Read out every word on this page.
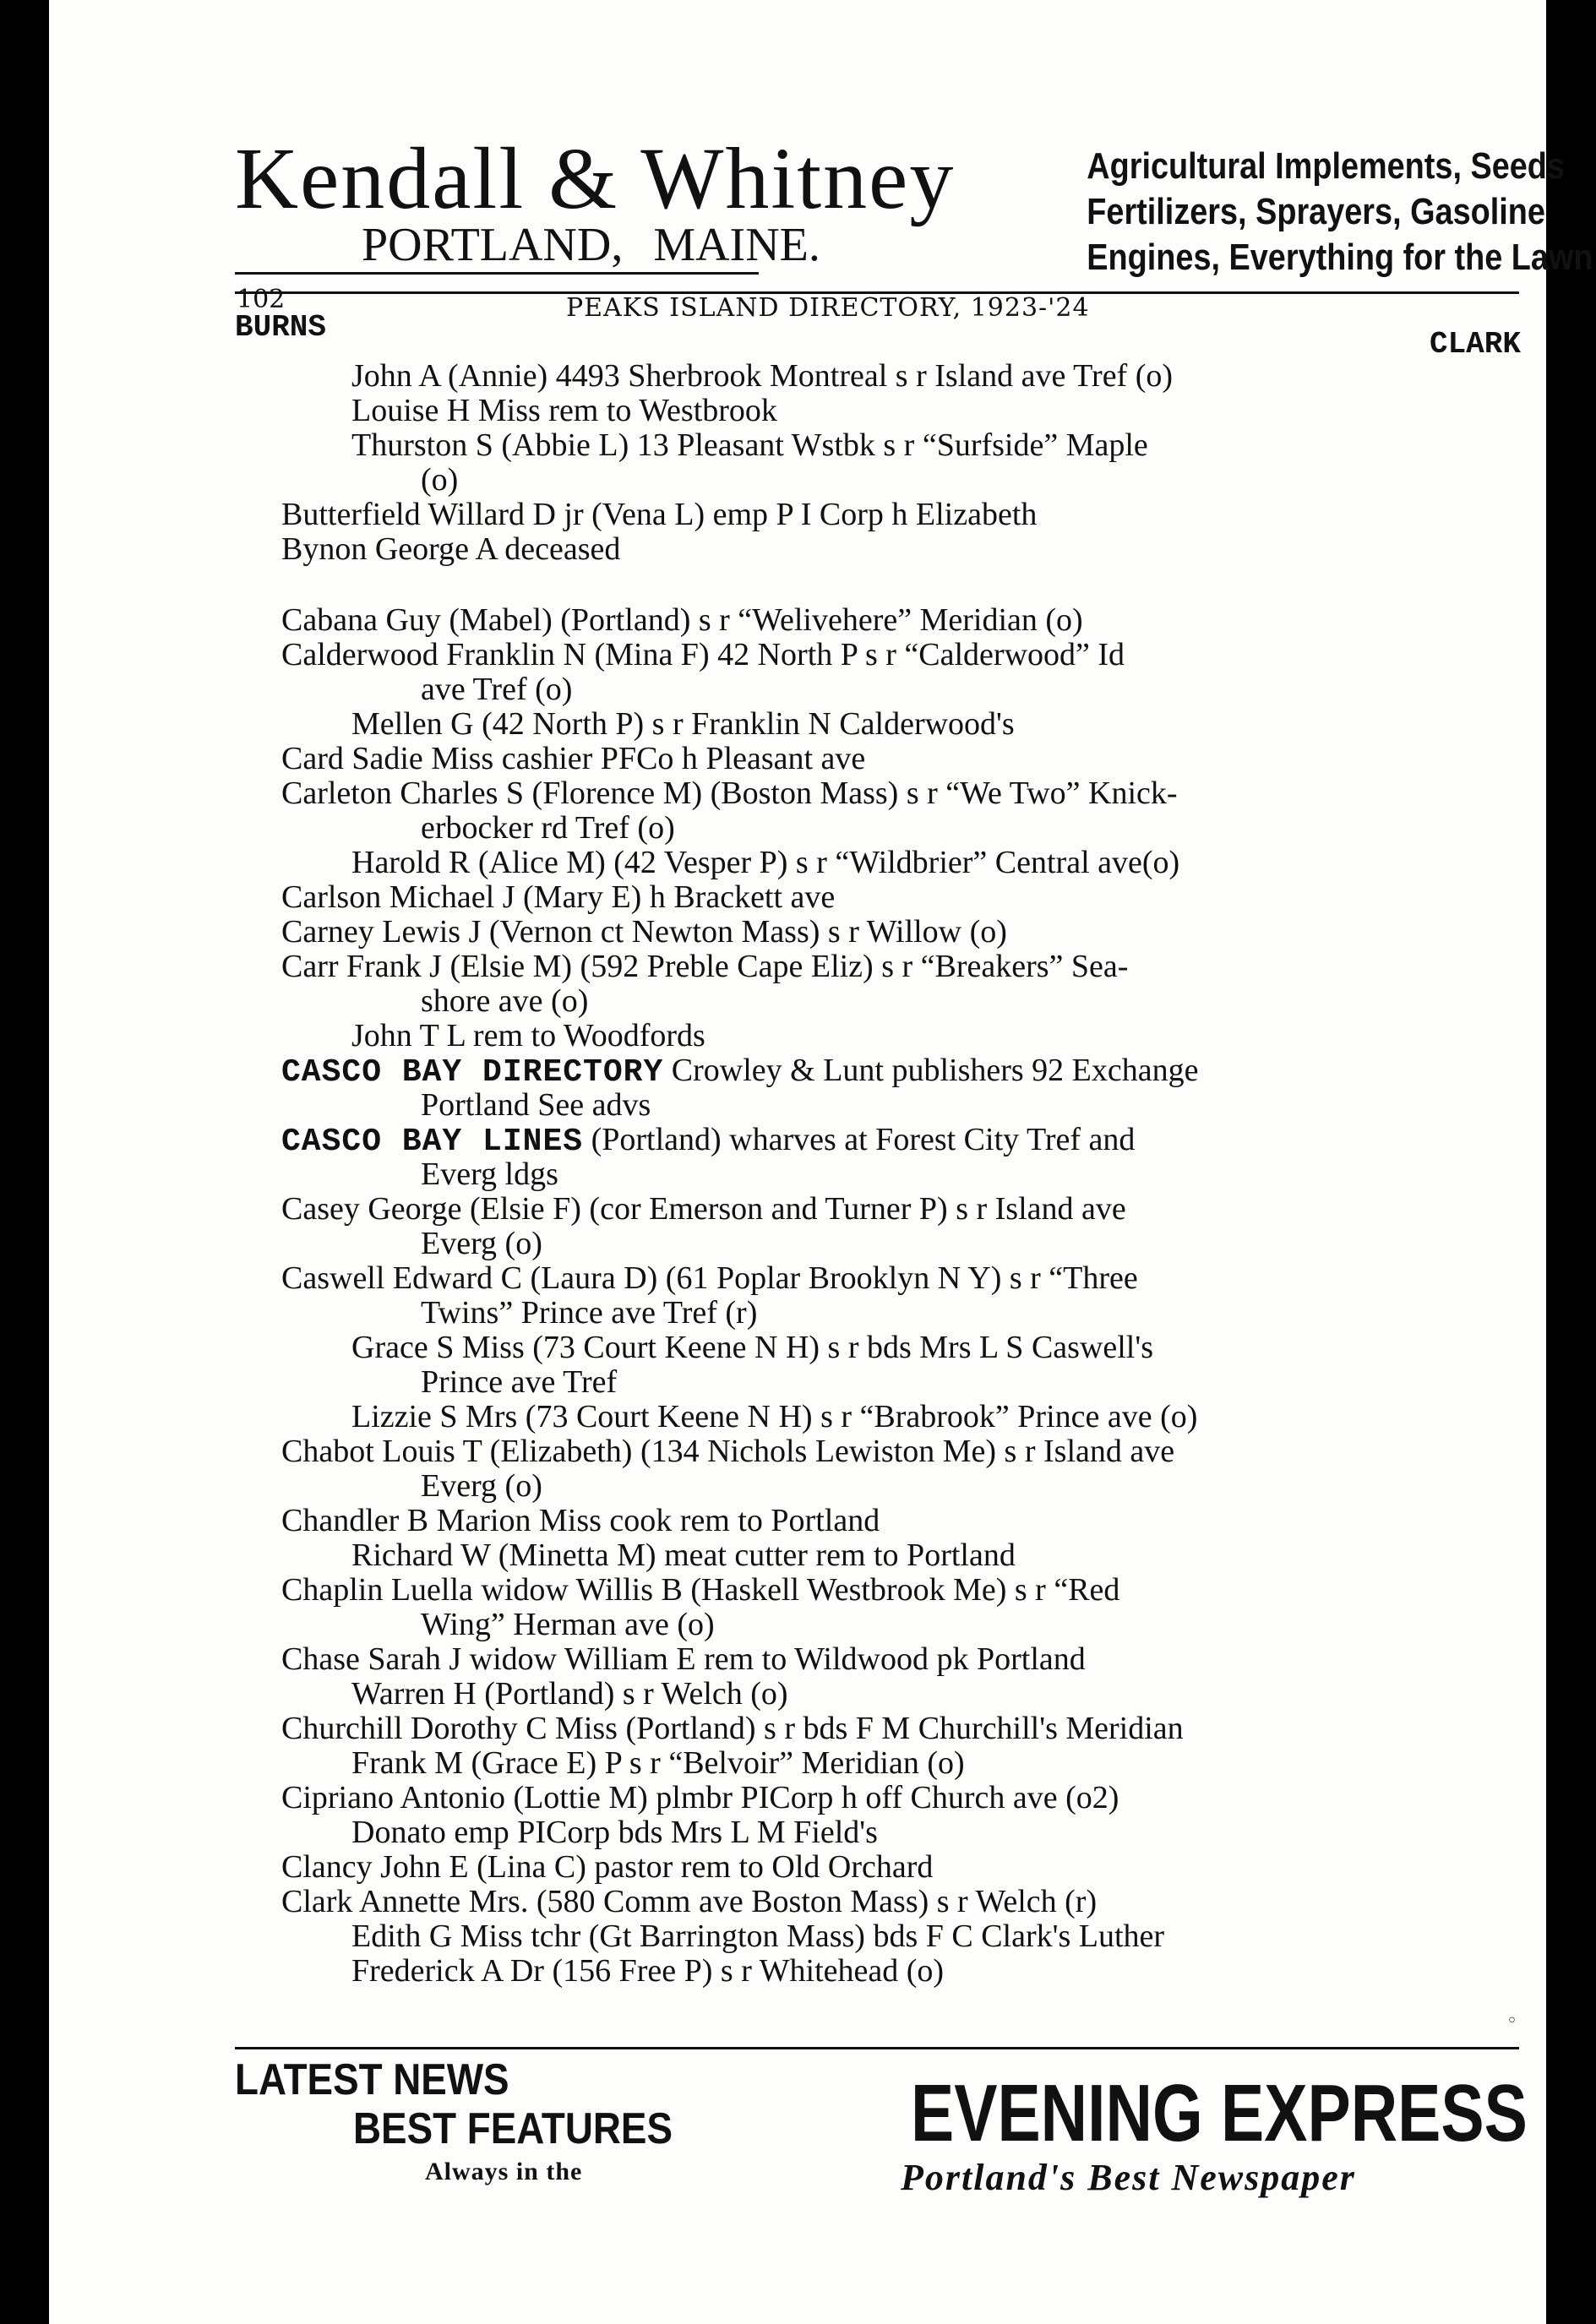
Kendall & Whitney
PORTLAND, MAINE.
Agricultural Implements, Seeds
Fertilizers, Sprayers, Gasoline
Engines, Everything for the Lawn
102	PEAKS ISLAND DIRECTORY, 1923-'24
BURNS	CLARK
John A (Annie) 4493 Sherbrook Montreal s r Island ave Tref (o)
Louise H Miss rem to Westbrook
Thurston S (Abbie L) 13 Pleasant Wstbk s r “Surfside” Maple
(o)
Butterfield Willard D jr (Vena L) emp P I Corp h Elizabeth
Bynon George A deceased
Cabana Guy (Mabel) (Portland) s r “Welivehere” Meridian (o)
Calderwood Franklin N (Mina F) 42 North P s r “Calderwood” Id
ave Tref (o)
Mellen G (42 North P) s r Franklin N Calderwood's
Card Sadie Miss cashier PFCo h Pleasant ave
Carleton Charles S (Florence M) (Boston Mass) s r “We Two” Knick-
erbocker rd Tref (o)
Harold R (Alice M) (42 Vesper P) s r “Wildbrier” Central ave(o)
Carlson Michael J (Mary E) h Brackett ave
Carney Lewis J (Vernon ct Newton Mass) s r Willow (o)
Carr Frank J (Elsie M) (592 Preble Cape Eliz) s r “Breakers” Sea-
shore ave (o)
John T L rem to Woodfords
CASCO BAY DIRECTORY Crowley & Lunt publishers 92 Exchange
Portland See advs
CASCO BAY LINES (Portland) wharves at Forest City Tref and
Everg ldgs
Casey George (Elsie F) (cor Emerson and Turner P) s r Island ave
Everg (o)
Caswell Edward C (Laura D) (61 Poplar Brooklyn N Y) s r “Three
Twins” Prince ave Tref (r)
Grace S Miss (73 Court Keene N H) s r bds Mrs L S Caswell's
Prince ave Tref
Lizzie S Mrs (73 Court Keene N H) s r “Brabrook” Prince ave (o)
Chabot Louis T (Elizabeth) (134 Nichols Lewiston Me) s r Island ave
Everg (o)
Chandler B Marion Miss cook rem to Portland
Richard W (Minetta M) meat cutter rem to Portland
Chaplin Luella widow Willis B (Haskell Westbrook Me) s r “Red
Wing” Herman ave (o)
Chase Sarah J widow William E rem to Wildwood pk Portland
Warren H (Portland) s r Welch (o)
Churchill Dorothy C Miss (Portland) s r bds F M Churchill's Meridian
Frank M (Grace E) P s r “Belvoir” Meridian (o)
Cipriano Antonio (Lottie M) plmbr PICorp h off Church ave (o2)
Donato emp PICorp bds Mrs L M Field's
Clancy John E (Lina C) pastor rem to Old Orchard
Clark Annette Mrs. (580 Comm ave Boston Mass) s r Welch (r)
Edith G Miss tchr (Gt Barrington Mass) bds F C Clark's Luther
Frederick A Dr (156 Free P) s r Whitehead (o)
◦
LATEST NEWS
BEST FEATURES
Always in the
EVENING EXPRESS
Portland's Best Newspaper
